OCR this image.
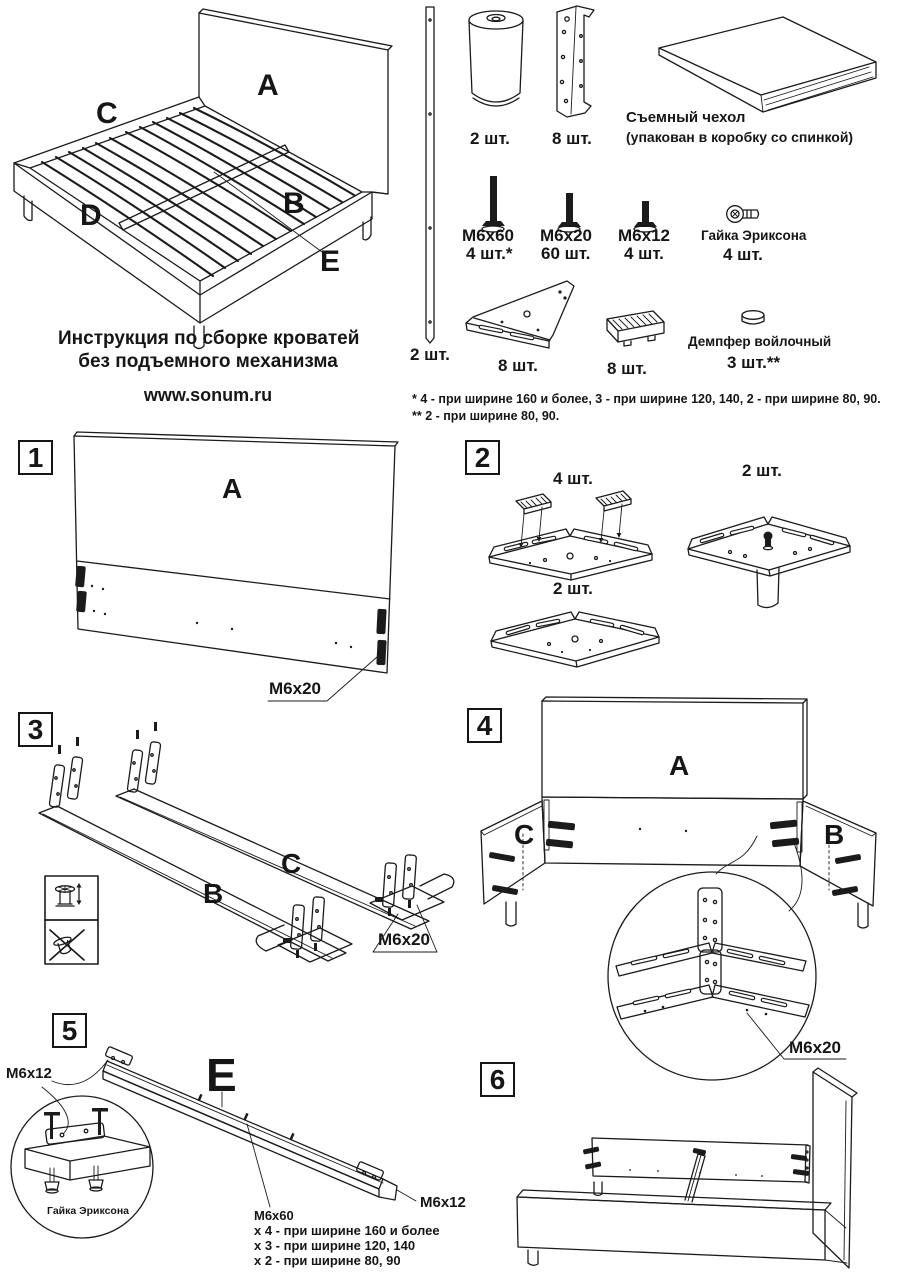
Инструкция по сборке кроватей
без подъемного механизма
www.sonum.ru
A
C
D	B
E
2 шт.
2 шт. 8 шт.
Съемный чехол
(упакован в коробку со спинкой)
М6х60
4 шт.*
М6х20
60 шт.
М6х12
4 шт.
Гайка Эриксона
4 шт.
8 шт.	8 шт.
Демпфер войлочный
3 шт.**
* 4 - при ширине 160 и более, 3 - при ширине 120, 140, 2 - при ширине 80, 90.
** 2 - при ширине 80, 90.
1	2
3	4
5
6
A
M6x20
4 шт.	2 шт.
2 шт.
C
B
M6x20
A
C	B
M6x20
E
M6x12
Гайка Эриксона	M6x12
М6х60
х 4 - при ширине 160 и более
х 3 - при ширине 120, 140
х 2 - при ширине 80, 90
